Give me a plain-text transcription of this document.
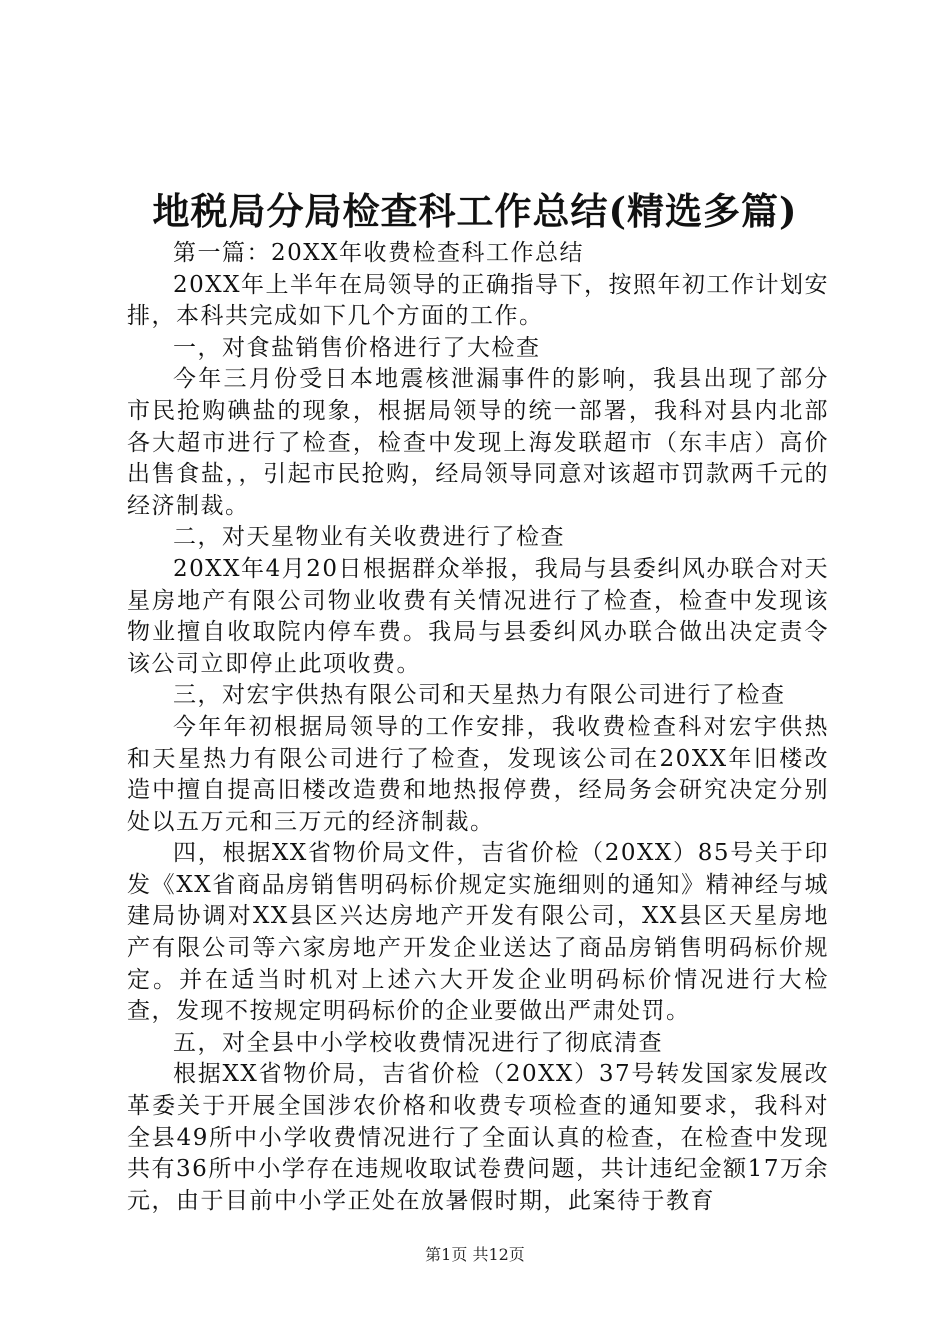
地税局分局检查科工作总结(精选多篇)

第一篇：20XX年收费检查科工作总结

20XX年上半年在局领导的正确指导下，按照年初工作计划安排，本科共完成如下几个方面的工作。

一，对食盐销售价格进行了大检查

今年三月份受日本地震核泄漏事件的影响，我县出现了部分市民抢购碘盐的现象，根据局领导的统一部署，我科对县内北部各大超市进行了检查，检查中发现上海发联超市（东丰店）高价出售食盐，，引起市民抢购，经局领导同意对该超市罚款两千元的经济制裁。

二，对天星物业有关收费进行了检查

20XX年4月20日根据群众举报，我局与县委纠风办联合对天星房地产有限公司物业收费有关情况进行了检查，检查中发现该物业擅自收取院内停车费。我局与县委纠风办联合做出决定责令该公司立即停止此项收费。

三，对宏宇供热有限公司和天星热力有限公司进行了检查

今年年初根据局领导的工作安排，我收费检查科对宏宇供热和天星热力有限公司进行了检查，发现该公司在20XX年旧楼改造中擅自提高旧楼改造费和地热报停费，经局务会研究决定分别处以五万元和三万元的经济制裁。

四，根据XX省物价局文件，吉省价检（20XX）85号关于印发《XX省商品房销售明码标价规定实施细则的通知》精神经与城建局协调对XX县区兴达房地产开发有限公司，XX县区天星房地产有限公司等六家房地产开发企业送达了商品房销售明码标价规定。并在适当时机对上述六大开发企业明码标价情况进行大检查，发现不按规定明码标价的企业要做出严肃处罚。

五，对全县中小学校收费情况进行了彻底清查

根据XX省物价局，吉省价检（20XX）37号转发国家发展改革委关于开展全国涉农价格和收费专项检查的通知要求，我科对全县49所中小学收费情况进行了全面认真的检查，在检查中发现共有36所中小学存在违规收取试卷费问题，共计违纪金额17万余元，由于目前中小学正处在放暑假时期，此案待于教育

第1页 共12页
